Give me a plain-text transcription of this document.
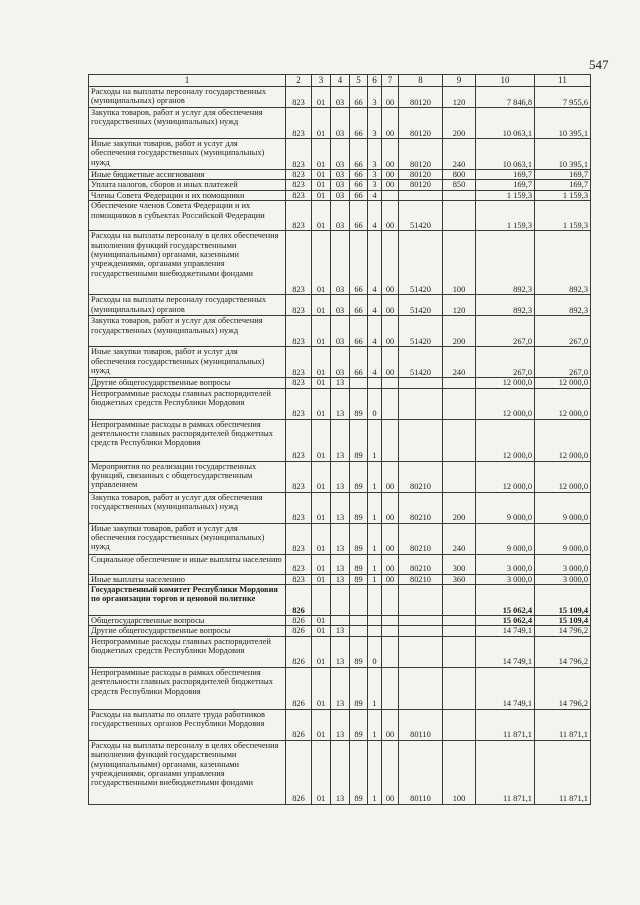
547
1	2	3	4	5	6	7	8	9	10	11
Расходы на выплаты персоналу государственных (муниципальных) органов	823	01	03	66	3	00	80120	120	7 846,8	7 955,6
Закупка товаров, работ и услуг для обеспечения государственных (муниципальных) нужд	823	01	03	66	3	00	80120	200	10 063,1	10 395,1
Иные закупки товаров, работ и услуг для обеспечения государственных (муниципальных) нужд	823	01	03	66	3	00	80120	240	10 063,1	10 395,1
Иные бюджетные ассигнования	823	01	03	66	3	00	80120	800	169,7	169,7
Уплата налогов, сборов и иных платежей	823	01	03	66	3	00	80120	850	169,7	169,7
Члены Совета Федерации и их помощники	823	01	03	66	4				1 159,3	1 159,3
Обеспечение членов Совета Федерации и их помощников в субъектах Российской Федерации	823	01	03	66	4	00	51420		1 159,3	1 159,3
Расходы на выплаты персоналу в целях обеспечения выполнения функций государственными (муниципальными) органами, казенными учреждениями, органами управления государственными внебюджетными фондами	823	01	03	66	4	00	51420	100	892,3	892,3
Расходы на выплаты персоналу государственных (муниципальных) органов	823	01	03	66	4	00	51420	120	892,3	892,3
Закупка товаров, работ и услуг для обеспечения государственных (муниципальных) нужд	823	01	03	66	4	00	51420	200	267,0	267,0
Иные закупки товаров, работ и услуг для обеспечения государственных (муниципальных) нужд	823	01	03	66	4	00	51420	240	267,0	267,0
Другие общегосударственные вопросы	823	01	13						12 000,0	12 000,0
Непрограммные расходы главных распорядителей бюджетных средств Республики Мордовия	823	01	13	89	0				12 000,0	12 000,0
Непрограммные расходы в рамках обеспечения деятельности главных распорядителей бюджетных средств Республики Мордовия	823	01	13	89	1				12 000,0	12 000,0
Мероприятия по реализации государственных функций, связанных с общегосударственным управлением	823	01	13	89	1	00	80210		12 000,0	12 000,0
Закупка товаров, работ и услуг для обеспечения государственных (муниципальных) нужд	823	01	13	89	1	00	80210	200	9 000,0	9 000,0
Иные закупки товаров, работ и услуг для обеспечения государственных (муниципальных) нужд	823	01	13	89	1	00	80210	240	9 000,0	9 000,0
Социальное обеспечение и иные выплаты населению	823	01	13	89	1	00	80210	300	3 000,0	3 000,0
Иные выплаты населению	823	01	13	89	1	00	80210	360	3 000,0	3 000,0
Государственный комитет Республики Мордовия по организации торгов и ценовой политике	826								15 062,4	15 109,4
Общегосударственные вопросы	826	01							15 062,4	15 109,4
Другие общегосударственные вопросы	826	01	13						14 749,1	14 796,2
Непрограммные расходы главных распорядителей бюджетных средств Республики Мордовия	826	01	13	89	0				14 749,1	14 796,2
Непрограммные расходы в рамках обеспечения деятельности главных распорядителей бюджетных средств Республики Мордовия	826	01	13	89	1				14 749,1	14 796,2
Расходы на выплаты по оплате труда работников государственных органов Республики Мордовия	826	01	13	89	1	00	80110		11 871,1	11 871,1
Расходы на выплаты персоналу в целях обеспечения выполнения функций государственными (муниципальными) органами, казенными учреждениями, органами управления государственными внебюджетными фондами	826	01	13	89	1	00	80110	100	11 871,1	11 871,1
